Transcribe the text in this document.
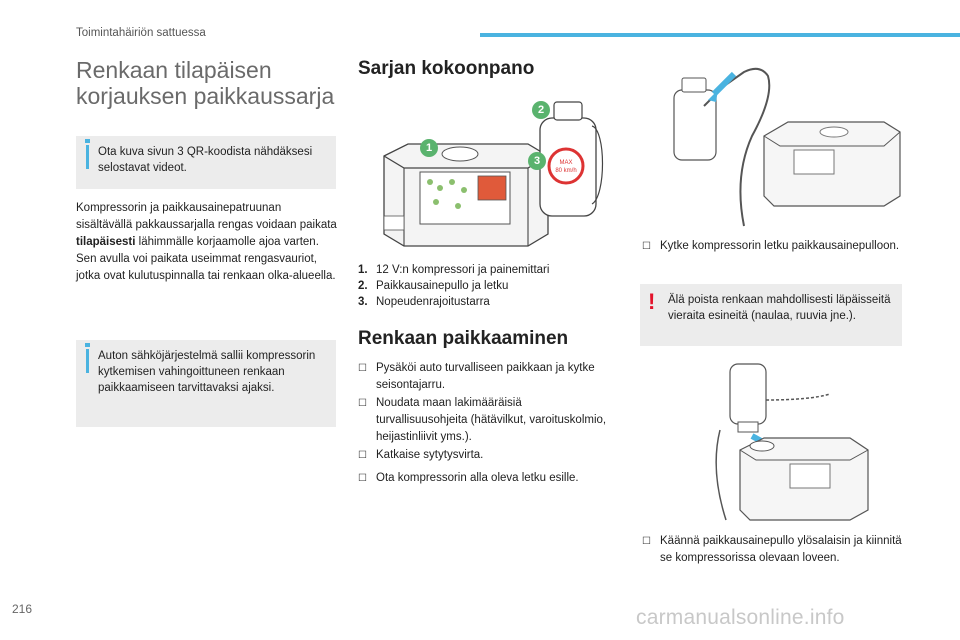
Toimintahäiriön sattuessa
Renkaan tilapäisen korjauksen paikkaussarja
Ota kuva sivun 3 QR-koodista nähdäksesi selostavat videot.
Kompressorin ja paikkausainepatruunan sisältävällä pakkaussarjalla rengas voidaan paikata tilapäisesti lähimmälle korjaamolle ajoa varten.
Sen avulla voi paikata useimmat rengasvauriot, jotka ovat kulutuspinnalla tai renkaan olka-alueella.
Auton sähköjärjestelmä sallii kompressorin kytkemisen vahingoittuneen renkaan paikkaamiseen tarvittavaksi ajaksi.
Sarjan kokoonpano
MAX
80 km/h
1
2
3
1. 12 V:n kompressori ja painemittari
2. Paikkausainepullo ja letku
3. Nopeudenrajoitustarra
Renkaan paikkaaminen
☐ Pysäköi auto turvalliseen paikkaan ja kytke seisontajarru.
☐ Noudata maan lakimääräisiä turvallisuusohjeita (hätävilkut, varoituskolmio, heijastinliivit yms.).
☐ Katkaise sytytysvirta.
☐ Ota kompressorin alla oleva letku esille.
☐ Kytke kompressorin letku paikkausainepulloon.
! Älä poista renkaan mahdollisesti läpäisseitä vieraita esineitä (naulaa, ruuvia jne.).
☐ Käännä paikkausainepullo ylösalaisin ja kiinnitä se kompressorissa olevaan loveen.
216	carmanualsonline.info
